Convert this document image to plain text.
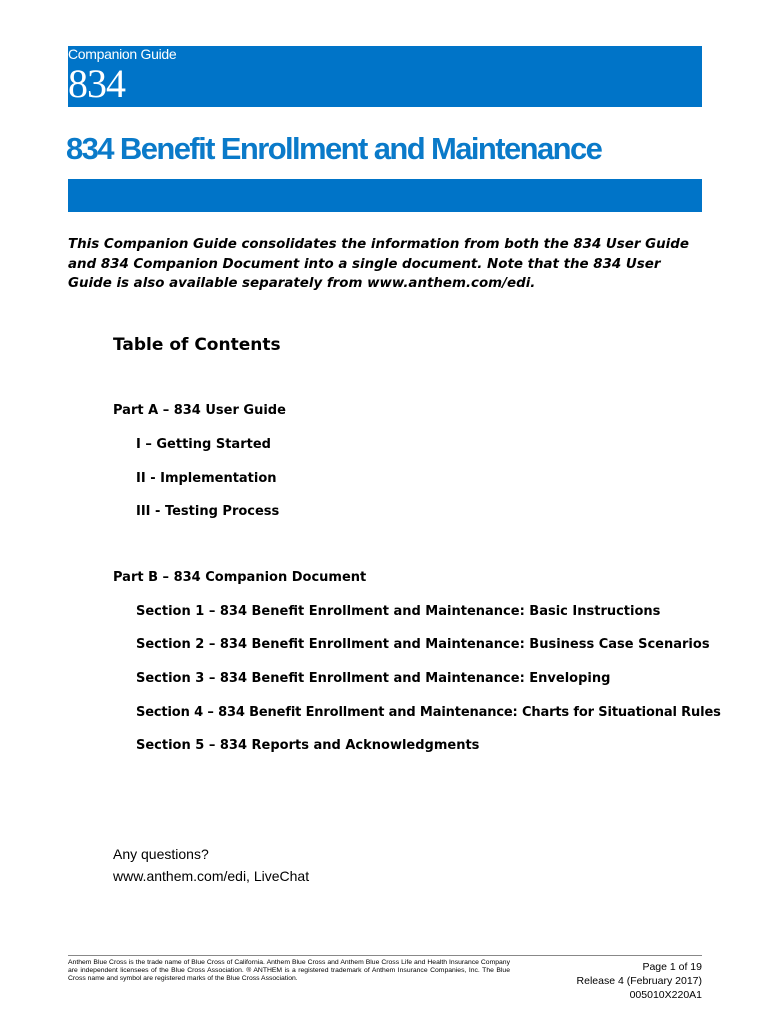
Companion Guide
834
834 Benefit Enrollment and Maintenance
This Companion Guide consolidates the information from both the 834 User Guide and 834 Companion Document into a single document. Note that the 834 User Guide is also available separately from www.anthem.com/edi.
Table of Contents
Part A – 834 User Guide
I – Getting Started
II - Implementation
III - Testing Process
Part B – 834 Companion Document
Section 1 – 834 Benefit Enrollment and Maintenance: Basic Instructions
Section 2 – 834 Benefit Enrollment and Maintenance: Business Case Scenarios
Section 3 – 834 Benefit Enrollment and Maintenance: Enveloping
Section 4 – 834 Benefit Enrollment and Maintenance: Charts for Situational Rules
Section 5 – 834 Reports and Acknowledgments
Any questions?
www.anthem.com/edi, LiveChat
Anthem Blue Cross is the trade name of Blue Cross of California. Anthem Blue Cross and Anthem Blue Cross Life and Health Insurance Company are independent licensees of the Blue Cross Association. ® ANTHEM is a registered trademark of Anthem Insurance Companies, Inc. The Blue Cross name and symbol are registered marks of the Blue Cross Association.
Page 1 of 19
Release 4 (February 2017)
005010X220A1
